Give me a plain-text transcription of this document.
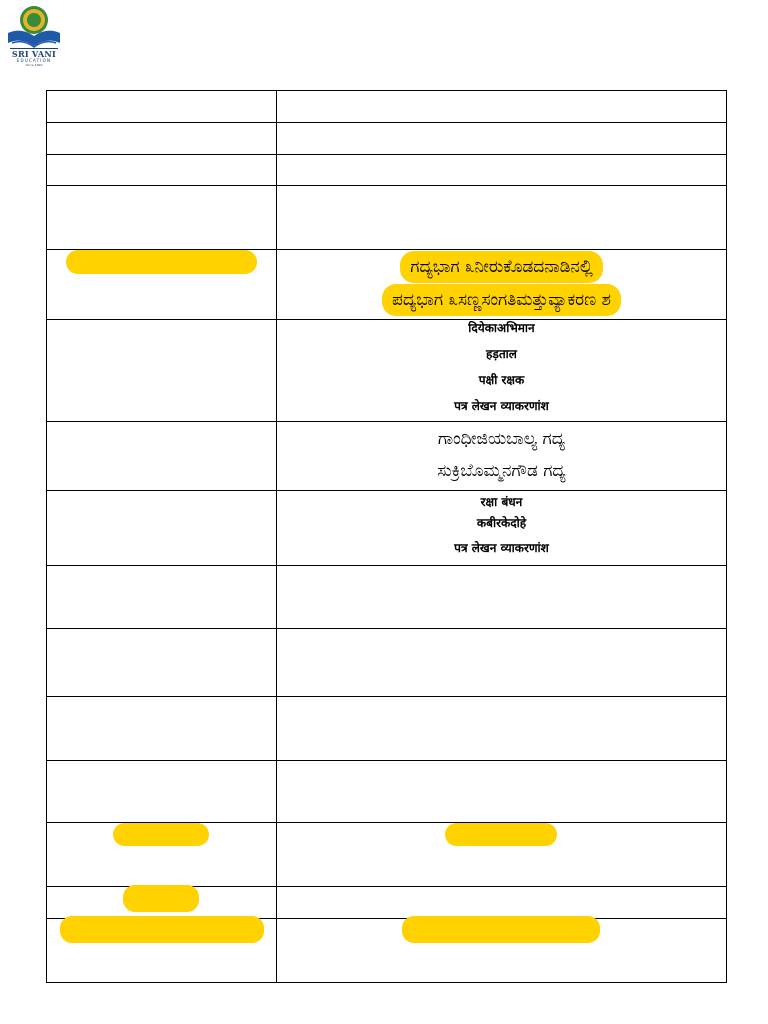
SRI VANI
EDUCATION
Since 1990

	ಗದ್ಯಭಾಗ ೩ನೀರುಕೊಡದನಾಡಿನಲ್ಲಿ
ಪದ್ಯಭಾಗ ೩ಸಣ್ಣಸಂಗತಿಮತ್ತುವ್ಯಾಕರಣ ಶ

	दियेकाअभिमान
हड़ताल
पक्षी रक्षक
पत्र लेखन व्याकरणांश

	ಗಾಂಧೀಜಿಯಬಾಲ್ಯ ಗದ್ಯ
ಸುಕ್ರಿಬೊಮ್ಮನಗೌಡ ಗದ್ಯ

	रक्षा बंधन
कबीरकेदोहे
पत्र लेखन व्याकरणांश
